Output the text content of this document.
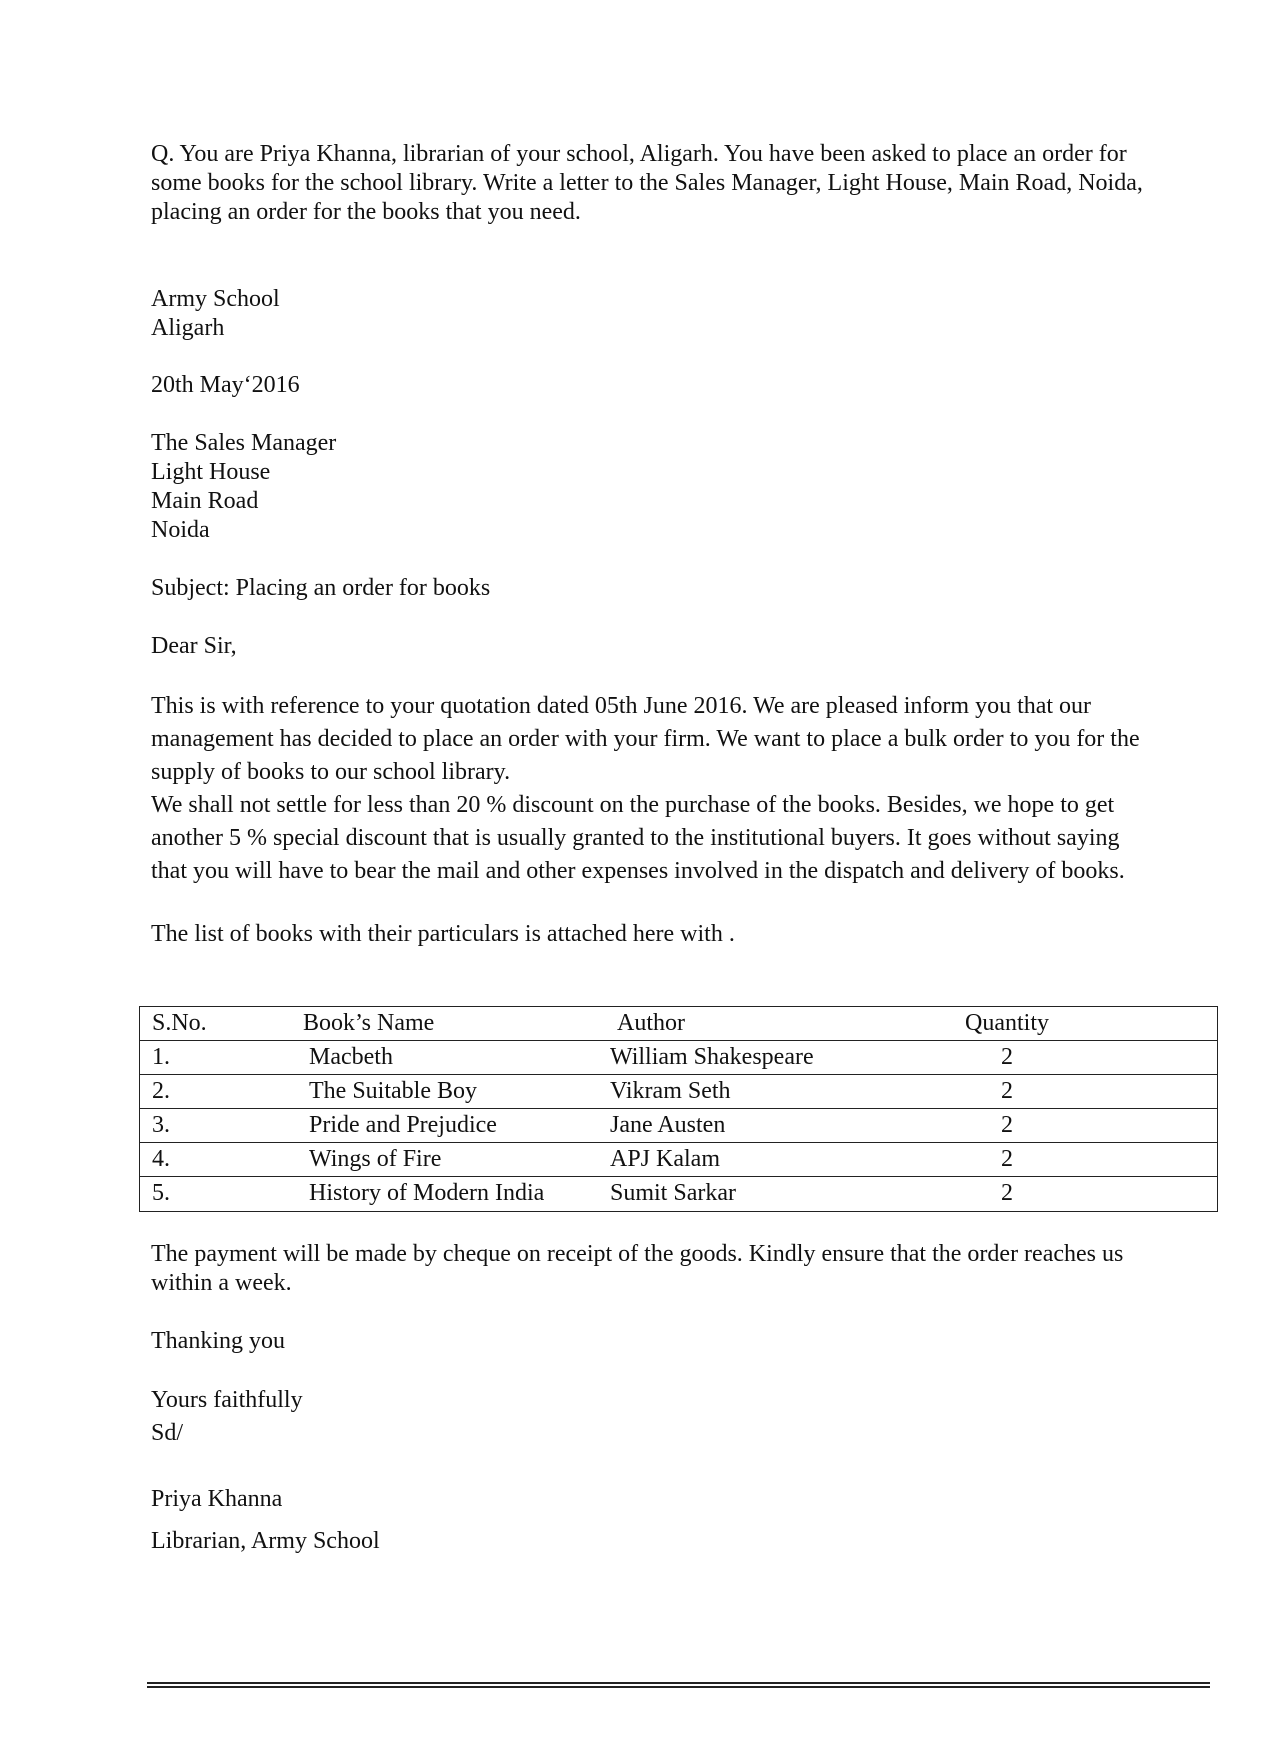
Q. You are Priya Khanna, librarian of your school, Aligarh. You have been asked to place an order for
some books for the school library. Write a letter to the Sales Manager, Light House, Main Road, Noida,
placing an order for the books that you need.
Army School
Aligarh
20th May‘2016
The Sales Manager
Light House
Main Road
Noida
Subject: Placing an order for books
Dear Sir,
This is with reference to your quotation dated 05th June 2016. We are pleased inform you that our
management has decided to place an order with your firm. We want to place a bulk order to you for the
supply of books to our school library.
We shall not settle for less than 20 % discount on the purchase of the books. Besides, we hope to get
another 5 % special discount that is usually granted to the institutional buyers. It goes without saying
that you will have to bear the mail and other expenses involved in the dispatch and delivery of books.
The list of books with their particulars is attached here with .
S.No.	Book’s Name	Author	Quantity
1.	Macbeth	William Shakespeare	2
2.	The Suitable Boy	Vikram Seth	2
3.	Pride and Prejudice	Jane Austen	2
4.	Wings of Fire	APJ Kalam	2
5.	History of Modern India	Sumit Sarkar	2
The payment will be made by cheque on receipt of the goods. Kindly ensure that the order reaches us
within a week.
Thanking you
Yours faithfully
Sd/
Priya Khanna
Librarian, Army School
